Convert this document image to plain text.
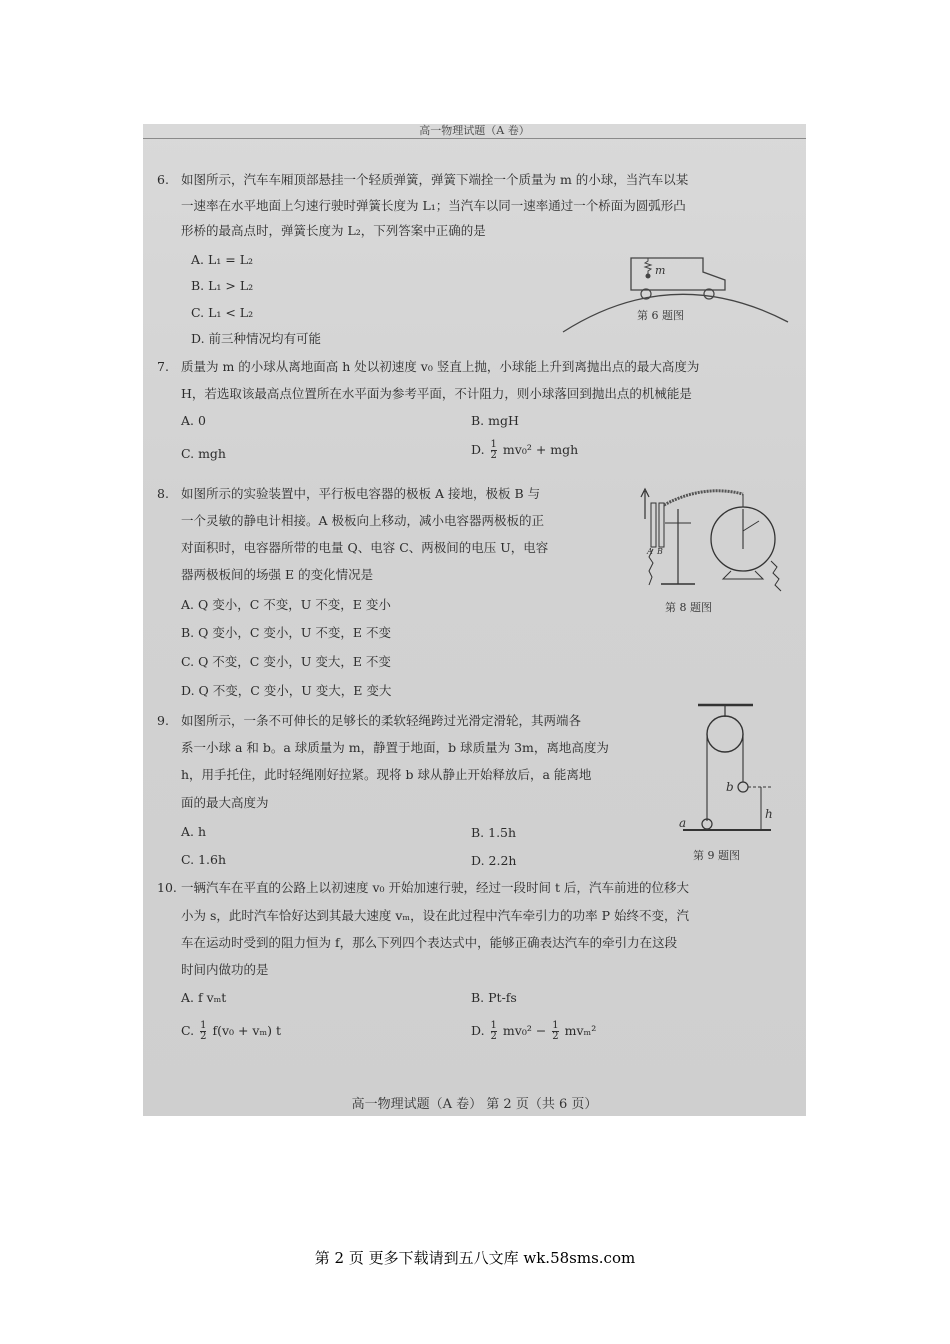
高一物理试题（A 卷）
6. 如图所示，汽车车厢顶部悬挂一个轻质弹簧，弹簧下端拴一个质量为 m 的小球，当汽车以某
一速率在水平地面上匀速行驶时弹簧长度为 L₁；当汽车以同一速率通过一个桥面为圆弧形凸
形桥的最高点时，弹簧长度为 L₂，下列答案中正确的是
A. L₁ = L₂
B. L₁ > L₂
C. L₁ < L₂
D. 前三种情况均有可能
m
第 6 题图
7. 质量为 m 的小球从离地面高 h 处以初速度 v₀ 竖直上抛，小球能上升到离抛出点的最大高度为
H，若选取该最高点位置所在水平面为参考平面，不计阻力，则小球落回到抛出点的机械能是
A. 0	B. mgH
C. mgh	D. $\frac{1}{2} mv_0^2$ + mgh
8. 如图所示的实验装置中，平行板电容器的极板 A 接地，极板 B 与
一个灵敏的静电计相接。A 极板向上移动，减小电容器两极板的正
对面积时，电容器所带的电量 Q、电容 C、两极间的电压 U，电容
器两极板间的场强 E 的变化情况是
A. Q 变小，C 不变，U 不变，E 变小
B. Q 变小，C 变小，U 不变，E 不变
C. Q 不变，C 变小，U 变大，E 不变
D. Q 不变，C 变小，U 变大，E 变大
A B
第 8 题图
9. 如图所示，一条不可伸长的足够长的柔软轻绳跨过光滑定滑轮，其两端各
系一小球 a 和 b。a 球质量为 m，静置于地面，b 球质量为 3m，离地高度为
h，用手托住，此时轻绳刚好拉紧。现将 b 球从静止开始释放后，a 能离地
面的最大高度为
A. h	B. 1.5h
C. 1.6h	D. 2.2h
a
b
h
第 9 题图
10. 一辆汽车在平直的公路上以初速度 v₀ 开始加速行驶，经过一段时间 t 后，汽车前进的位移大
小为 s，此时汽车恰好达到其最大速度 vₘ，设在此过程中汽车牵引力的功率 P 始终不变，汽
车在运动时受到的阻力恒为 f，那么下列四个表达式中，能够正确表达汽车的牵引力在这段
时间内做功的是
A. f vₘt	B. Pt-fs
C. $\frac{1}{2} f(v_0 + v_m)$ t	D. $\frac{1}{2} mv_0^2 - \frac{1}{2} mv_m^2$
高一物理试题（A 卷） 第 2 页（共 6 页）
第 2 页 更多下载请到五八文库 wk.58sms.com
